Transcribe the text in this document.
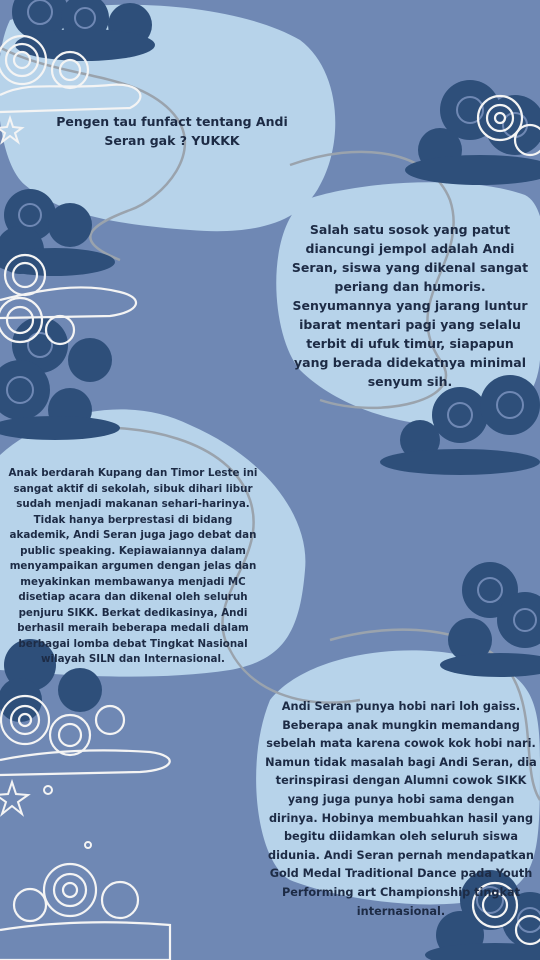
Pengen tau funfact tentang Andi Seran gak ? YUKKK
Salah satu sosok yang patut diancungi jempol adalah Andi Seran, siswa yang dikenal sangat periang dan humoris. Senyumannya yang jarang luntur ibarat mentari pagi yang selalu terbit di ufuk timur, siapapun yang berada didekatnya minimal senyum sih.
Anak berdarah Kupang dan Timor Leste ini sangat aktif di sekolah, sibuk dihari libur sudah menjadi makanan sehari-harinya. Tidak hanya berprestasi di bidang akademik, Andi Seran juga jago debat dan public speaking. Kepiawaiannya dalam menyampaikan argumen dengan jelas dan meyakinkan membawanya menjadi MC disetiap acara dan dikenal oleh seluruh penjuru SIKK. Berkat dedikasinya, Andi berhasil meraih beberapa medali dalam berbagai lomba debat Tingkat Nasional wilayah SILN dan Internasional.
Andi Seran punya hobi nari loh gaiss. Beberapa anak mungkin memandang sebelah mata karena cowok kok hobi nari. Namun tidak masalah bagi Andi Seran, dia terinspirasi dengan Alumni cowok SIKK yang juga punya hobi sama dengan dirinya. Hobinya membuahkan hasil yang begitu diidamkan oleh seluruh siswa didunia. Andi Seran pernah mendapatkan Gold Medal Traditional Dance pada Youth Performing art Championship tingkat internasional.
